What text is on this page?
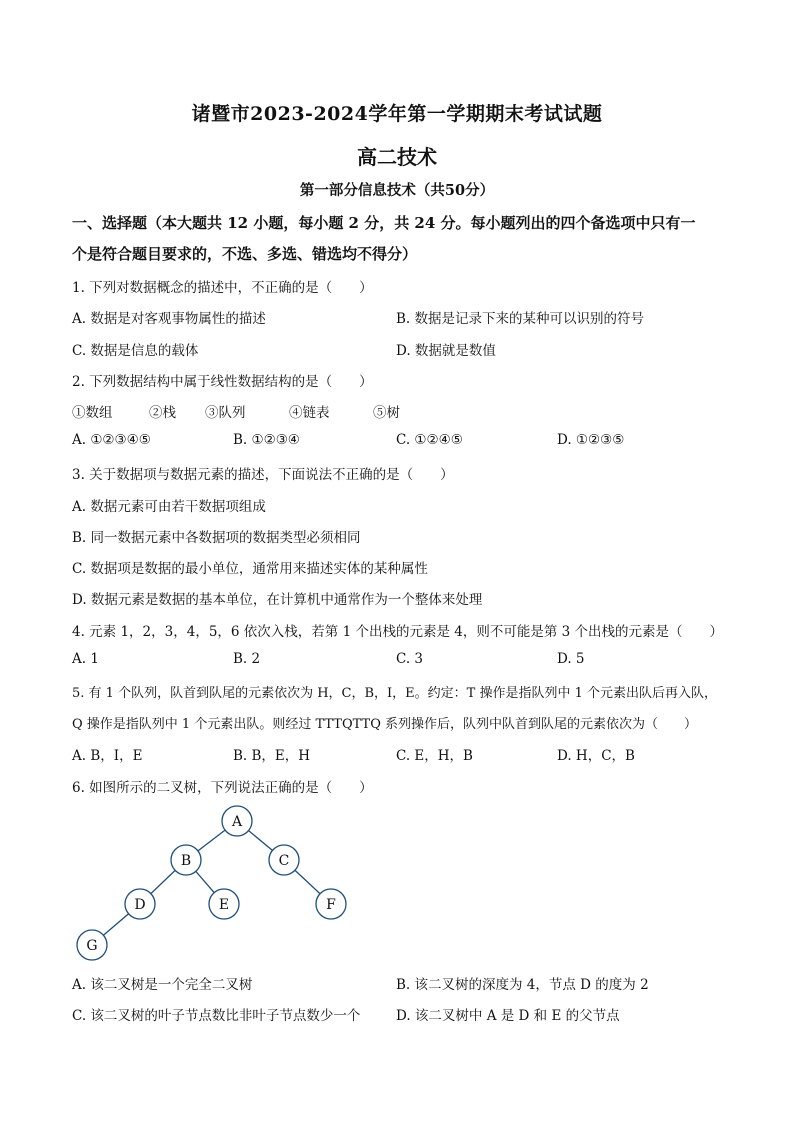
诸暨市2023-2024学年第一学期期末考试试题
高二技术
第一部分信息技术（共50分）
一、选择题（本大题共 12 小题，每小题 2 分，共 24 分。每小题列出的四个备选项中只有一
个是符合题目要求的，不选、多选、错选均不得分）
1. 下列对数据概念的描述中，不正确的是（　　）
A. 数据是对客观事物属性的描述	B. 数据是记录下来的某种可以识别的符号
C. 数据是信息的载体	D. 数据就是数值
2. 下列数据结构中属于线性数据结构的是（　　）
①数组	②栈 ③队列	④链表	⑤树
A. ①②③④⑤	B. ①②③④	C. ①②④⑤	D. ①②③⑤
3. 关于数据项与数据元素的描述，下面说法不正确的是（　　）
A. 数据元素可由若干数据项组成
B. 同一数据元素中各数据项的数据类型必须相同
C. 数据项是数据的最小单位，通常用来描述实体的某种属性
D. 数据元素是数据的基本单位，在计算机中通常作为一个整体来处理
4. 元素 1，2，3，4，5，6 依次入栈，若第 1 个出栈的元素是 4，则不可能是第 3 个出栈的元素是（　　）
A. 1	B. 2	C. 3	D. 5
5. 有 1 个队列，队首到队尾的元素依次为 H，C，B，I，E。约定：T 操作是指队列中 1 个元素出队后再入队，
Q 操作是指队列中 1 个元素出队。则经过 TTTQTTQ 系列操作后，队列中队首到队尾的元素依次为（　　）
A. B，I，E	B. B，E，H	C. E，H，B	D. H，C，B
6. 如图所示的二叉树，下列说法正确的是（　　）
A
B	C
D	E	F
G
A. 该二叉树是一个完全二叉树	B. 该二叉树的深度为 4，节点 D 的度为 2
C. 该二叉树的叶子节点数比非叶子节点数少一个	D. 该二叉树中 A 是 D 和 E 的父节点
